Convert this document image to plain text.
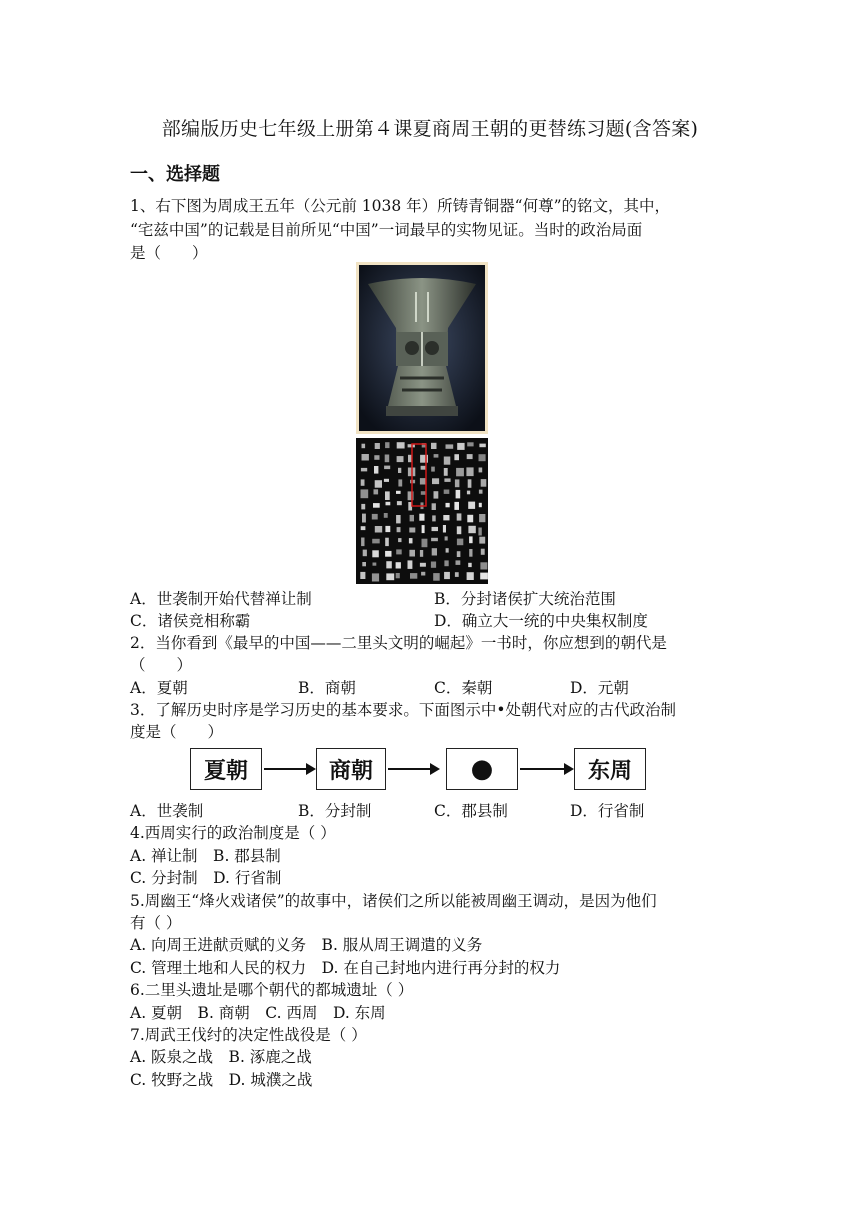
部编版历史七年级上册第４课夏商周王朝的更替练习题(含答案)
一、选择题
1、右下图为周成王五年（公元前 1038 年）所铸青铜器“何尊”的铭文，其中，
“宅兹中国”的记载是目前所见“中国”一词最早的实物见证。当时的政治局面
是（　　）
A．世袭制开始代替禅让制	B．分封诸侯扩大统治范围
C．诸侯竞相称霸	D．确立大一统的中央集权制度
2．当你看到《最早的中国——二里头文明的崛起》一书时，你应想到的朝代是
（　　）
A．夏朝	B．商朝	C．秦朝	D．元朝
3．了解历史时序是学习历史的基本要求。下面图示中•处朝代对应的古代政治制
度是（　　）
夏朝	商朝	●	东周
A．世袭制	B．分封制	C．郡县制	D．行省制
4.西周实行的政治制度是（ ）
A. 禅让制　B. 郡县制
C. 分封制　D. 行省制
5.周幽王“烽火戏诸侯”的故事中，诸侯们之所以能被周幽王调动，是因为他们
有（ ）
A. 向周王进献贡赋的义务　B. 服从周王调遣的义务
C. 管理土地和人民的权力　D. 在自己封地内进行再分封的权力
6.二里头遗址是哪个朝代的都城遗址（ ）
A. 夏朝　B. 商朝　C. 西周　D. 东周
7.周武王伐纣的决定性战役是（ ）
A. 阪泉之战　B. 涿鹿之战
C. 牧野之战　D. 城濮之战
